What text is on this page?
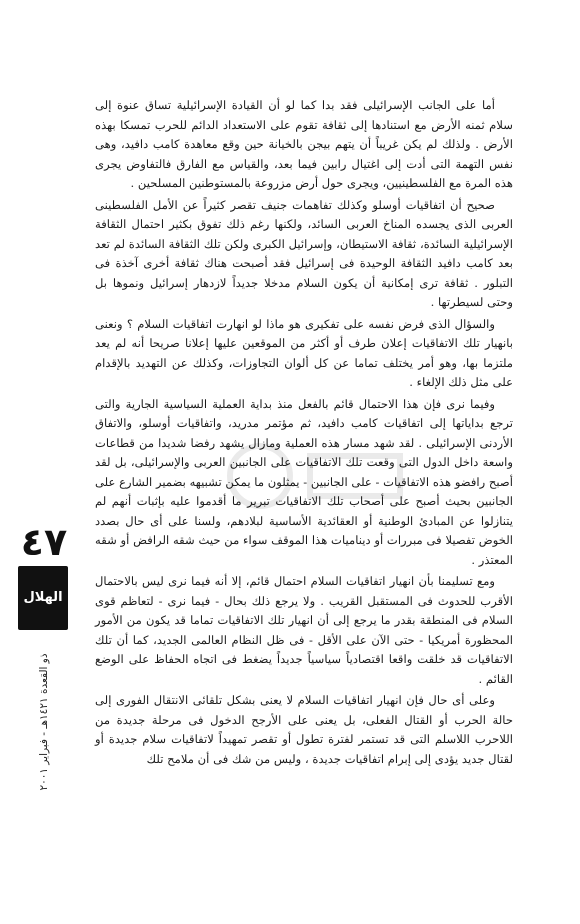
أما على الجانب الإسرائيلى فقد بدا كما لو أن القيادة الإسرائيلية تساق عنوة إلى سلام ثمنه الأرض مع استنادها إلى ثقافة تقوم على الاستعداد الدائم للحرب تمسكا بهذه الأرض . ولذلك لم يكن غريباً أن يتهم بيجن بالخيانة حين وقع معاهدة كامب دافيد، وهى نفس التهمة التى أدت إلى اغتيال رابين فيما بعد، والقياس مع الفارق فالتفاوض يجرى هذه المرة مع الفلسطينيين، ويجرى حول أرض مزروعة بالمستوطنين المسلحين .

صحيح أن اتفاقيات أوسلو وكذلك تفاهمات جنيف تقصر كثيراً عن الأمل الفلسطينى العربى الذى يجسده المناخ العربى السائد، ولكنها رغم ذلك تفوق بكثير احتمال الثقافة الإسرائيلية السائدة، ثقافة الاستيطان، وإسرائيل الكبرى ولكن تلك الثقافة السائدة لم تعد بعد كامب دافيد الثقافة الوحيدة فى إسرائيل فقد أصبحت هناك ثقافة أخرى آخذة فى التبلور . ثقافة ترى إمكانية أن يكون السلام مدخلا جديداً لازدهار إسرائيل ونموها بل وحتى لسيطرتها .

والسؤال الذى فرض نفسه على تفكيرى هو ماذا لو انهارت اتفاقيات السلام ؟ ونعنى بانهيار تلك الاتفاقيات إعلان طرف أو أكثر من الموقعين عليها إعلانا صريحا أنه لم يعد ملتزما بها، وهو أمر يختلف تماما عن كل ألوان التجاوزات، وكذلك عن التهديد بالإقدام على مثل ذلك الإلغاء .

وفيما نرى فإن هذا الاحتمال قائم بالفعل منذ بداية العملية السياسية الجارية والتى ترجع بداياتها إلى اتفاقيات كامب دافيد، ثم مؤتمر مدريد، واتفاقيات أوسلو، والاتفاق الأردنى الإسرائيلى . لقد شهد مسار هذه العملية ومازال يشهد رفضا شديدا من قطاعات واسعة داخل الدول التى وقعت تلك الاتفاقيات على الجانبين العربى والإسرائيلى، بل لقد أصبح رافضو هذه الاتفاقيات - على الجانبين - يمثلون ما يمكن تشبيهه بضمير الشارع على الجانبين بحيث أصبح على أصحاب تلك الاتفاقيات تبرير ما أقدموا عليه بإثبات أنهم لم يتنازلوا عن المبادئ الوطنية أو العقائدية الأساسية لبلادهم، ولسنا على أى حال بصدد الخوض تفصيلا فى مبررات أو ديناميات هذا الموقف سواء من حيث شقه الرافض أو شقه المعتذر .

ومع تسليمنا بأن انهيار اتفاقيات السلام احتمال قائم، إلا أنه فيما نرى ليس بالاحتمال الأقرب للحدوث فى المستقبل القريب . ولا يرجع ذلك بحال - فيما نرى - لتعاظم قوى السلام فى المنطقة بقدر ما يرجع إلى أن انهيار تلك الاتفاقيات تماما قد يكون من الأمور المحظورة أمريكيا - حتى الآن على الأقل - فى ظل النظام العالمى الجديد، كما أن تلك الاتفاقيات قد خلقت واقعا اقتصادياً سياسياً جديداً يضغط فى اتجاه الحفاظ على الوضع القائم .

وعلى أى حال فإن انهيار اتفاقيات السلام لا يعنى بشكل تلقائى الانتقال الفورى إلى حالة الحرب أو القتال الفعلى، بل يعنى على الأرجح الدخول فى مرحلة جديدة من اللاحرب اللاسلم التى قد تستمر لفترة تطول أو تقصر تمهيداً لاتفاقيات سلام جديدة أو لقتال جديد يؤدى إلى إبرام اتفاقيات جديدة ، وليس من شك فى أن ملامح تلك

٤٧
الهلال
ذو القعدة ١٤٢١هـ - فبراير ٢٠٠١
